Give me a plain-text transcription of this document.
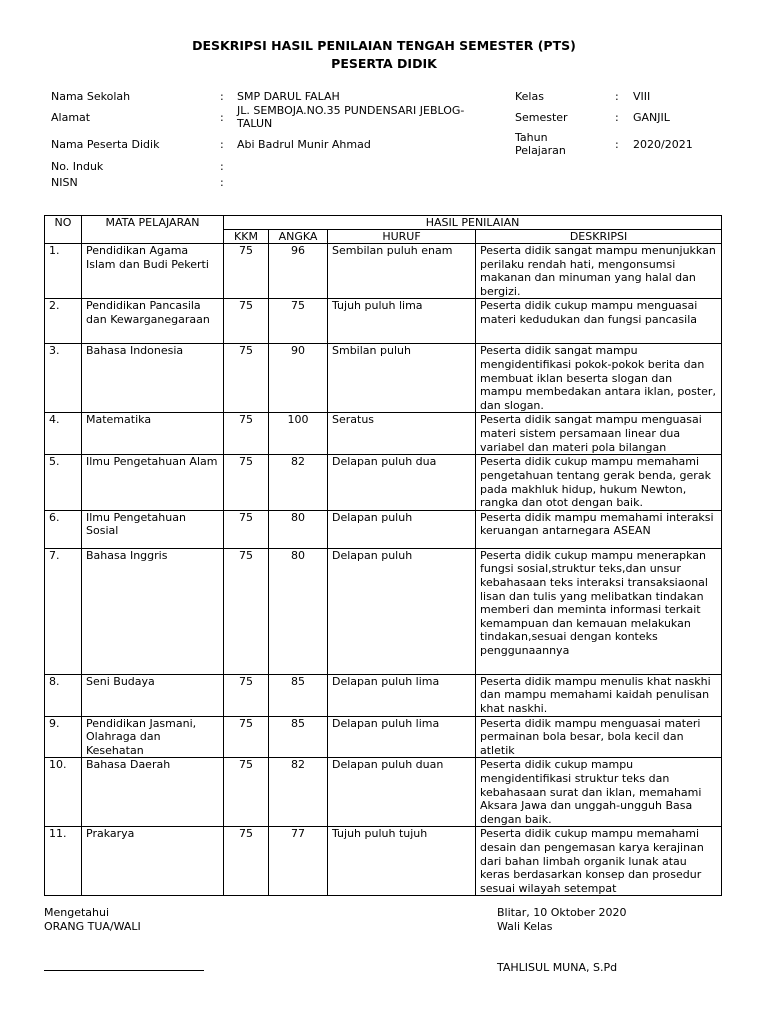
DESKRIPSI HASIL PENILAIAN TENGAH SEMESTER (PTS)
PESERTA DIDIK
Nama Sekolah	: SMP DARUL FALAH
Alamat	:
JL. SEMBOJA.NO.35 PUNDENSARI JEBLOG-TALUN
Nama Peserta Didik	: Abi Badrul Munir Ahmad
No. Induk	:
NISN	:
Kelas	: VIII
Semester	: GANJIL
Tahun Pelajaran	: 2020/2021
NO	MATA PELAJARAN	HASIL PENILAIAN			
		KKM	ANGKA	HURUF	DESKRIPSI
1.	Pendidikan Agama Islam dan Budi Pekerti	75	96	Sembilan puluh enam	Peserta didik sangat mampu menunjukkan perilaku rendah hati, mengonsumsi makanan dan minuman yang halal dan bergizi.
2.	Pendidikan Pancasila dan Kewarganegaraan	75	75	Tujuh puluh lima	Peserta didik cukup mampu menguasai materi kedudukan dan fungsi pancasila
3.	Bahasa Indonesia	75	90	Smbilan puluh	Peserta didik sangat mampu mengidentifikasi pokok-pokok berita dan membuat iklan beserta slogan dan mampu membedakan antara iklan, poster, dan slogan.
4.	Matematika	75	100	Seratus	Peserta didik sangat mampu menguasai materi sistem persamaan linear dua variabel dan materi pola bilangan
5.	Ilmu Pengetahuan Alam	75	82	Delapan puluh dua	Peserta didik cukup mampu memahami pengetahuan tentang gerak benda, gerak pada makhluk hidup, hukum Newton, rangka dan otot dengan baik.
6.	Ilmu Pengetahuan Sosial	75	80	Delapan puluh	Peserta didik mampu memahami interaksi keruangan antarnegara ASEAN
7.	Bahasa Inggris	75	80	Delapan puluh	Peserta didik cukup mampu menerapkan fungsi sosial,struktur teks,dan unsur kebahasaan teks interaksi transaksiaonal lisan dan tulis yang melibatkan tindakan memberi dan meminta informasi terkait kemampuan dan kemauan melakukan tindakan,sesuai dengan konteks penggunaannya
8.	Seni Budaya	75	85	Delapan puluh lima	Peserta didik mampu menulis khat naskhi dan mampu memahami kaidah penulisan khat naskhi.
9.	Pendidikan Jasmani, Olahraga dan Kesehatan	75	85	Delapan puluh lima	Peserta didik mampu menguasai materi permainan bola besar, bola kecil dan atletik
10.	Bahasa Daerah	75	82	Delapan puluh duan	Peserta didik cukup mampu mengidentifikasi struktur teks dan kebahasaan surat dan iklan, memahami Aksara Jawa dan unggah-ungguh Basa dengan baik.
11.	Prakarya	75	77	Tujuh puluh tujuh	Peserta didik cukup mampu memahami desain dan pengemasan karya kerajinan dari bahan limbah organik lunak atau keras berdasarkan konsep dan prosedur sesuai wilayah setempat
Mengetahui
ORANG TUA/WALI
Blitar, 10 Oktober 2020
Wali Kelas
TAHLISUL MUNA, S.Pd
